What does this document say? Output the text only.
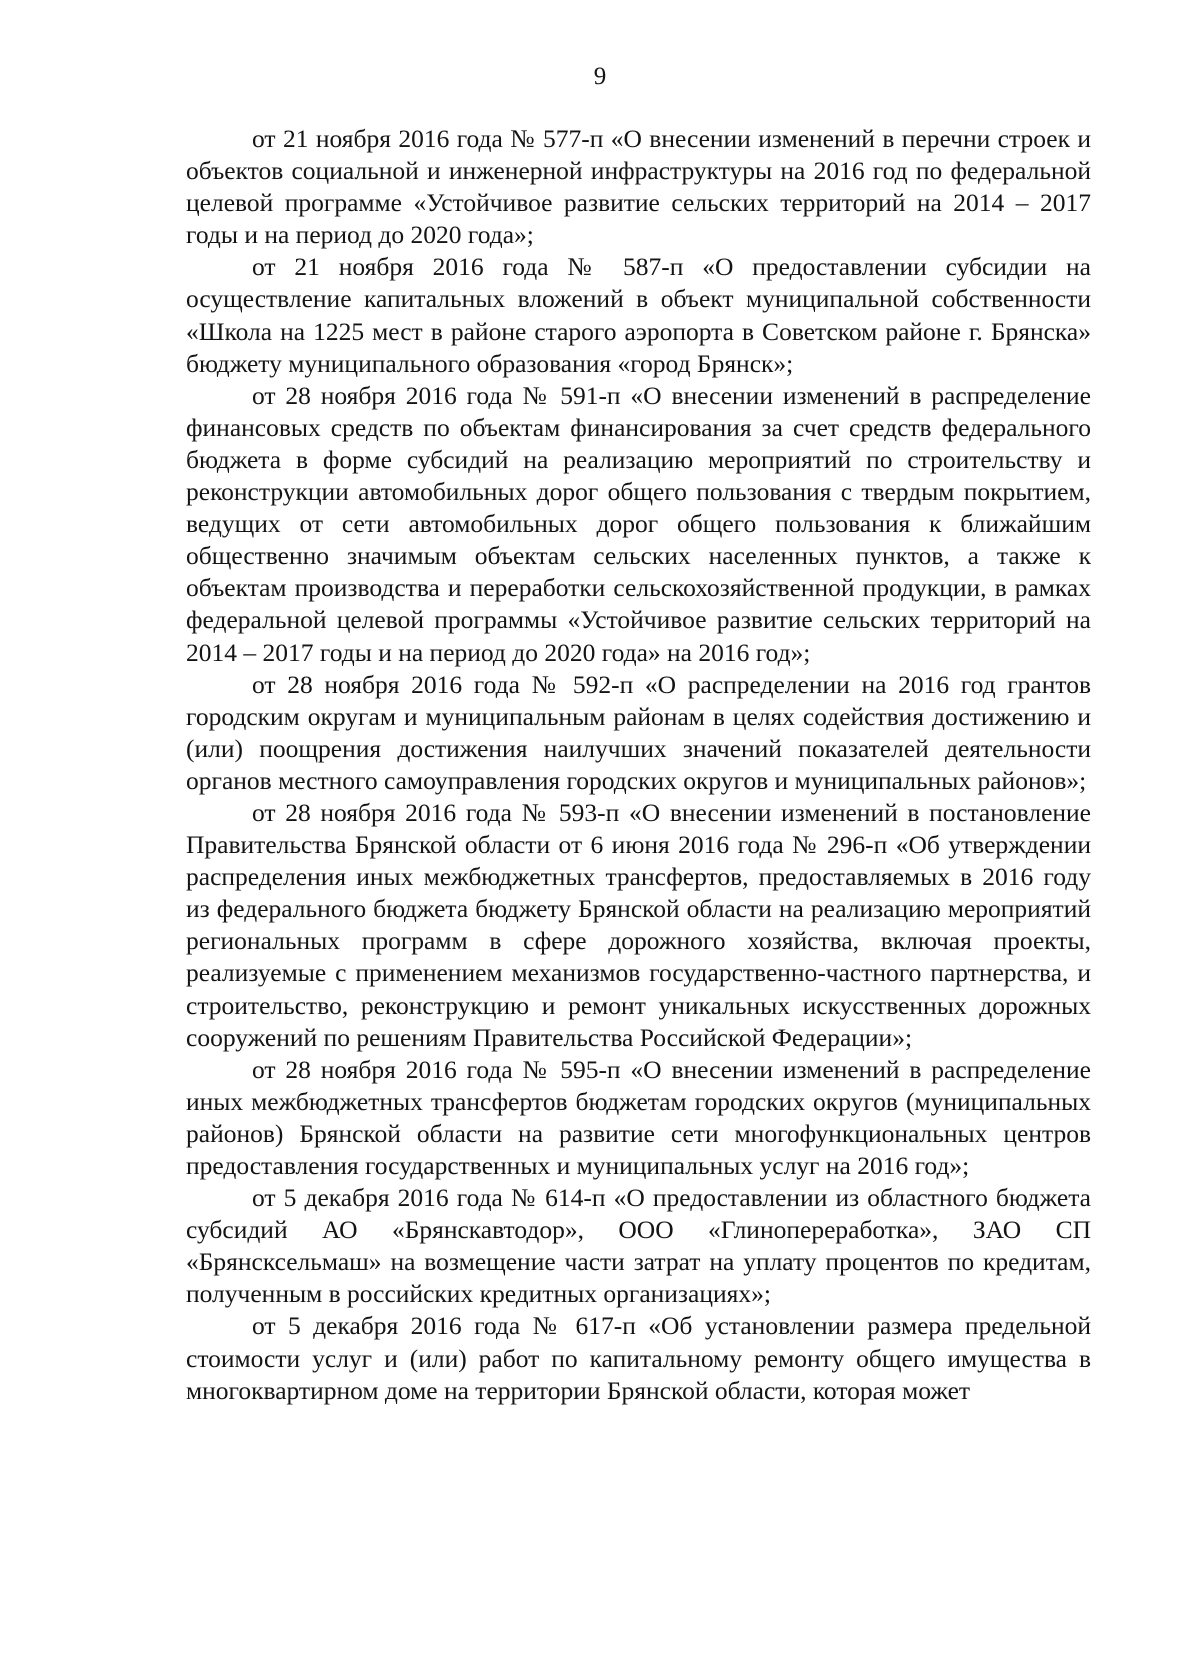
9

от 21 ноября 2016 года № 577-п «О внесении изменений в перечни строек и объектов социальной и инженерной инфраструктуры на 2016 год по федеральной целевой программе «Устойчивое развитие сельских территорий на 2014 – 2017 годы и на период до 2020 года»;

от 21 ноября 2016 года № 587-п «О предоставлении субсидии на осуществление капитальных вложений в объект муниципальной собственности «Школа на 1225 мест в районе старого аэропорта в Советском районе г. Брянска» бюджету муниципального образования «город Брянск»;

от 28 ноября 2016 года № 591-п «О внесении изменений в распределение финансовых средств по объектам финансирования за счет средств федерального бюджета в форме субсидий на реализацию мероприятий по строительству и реконструкции автомобильных дорог общего пользования с твердым покрытием, ведущих от сети автомобильных дорог общего пользования к ближайшим общественно значимым объектам сельских населенных пунктов, а также к объектам производства и переработки сельскохозяйственной продукции, в рамках федеральной целевой программы «Устойчивое развитие сельских территорий на 2014 – 2017 годы и на период до 2020 года» на 2016 год»;

от 28 ноября 2016 года № 592-п «О распределении на 2016 год грантов городским округам и муниципальным районам в целях содействия достижению и (или) поощрения достижения наилучших значений показателей деятельности органов местного самоуправления городских округов и муниципальных районов»;

от 28 ноября 2016 года № 593-п «О внесении изменений в постановление Правительства Брянской области от 6 июня 2016 года № 296-п «Об утверждении распределения иных межбюджетных трансфертов, предоставляемых в 2016 году из федерального бюджета бюджету Брянской области на реализацию мероприятий региональных программ в сфере дорожного хозяйства, включая проекты, реализуемые с применением механизмов государственно-частного партнерства, и строительство, реконструкцию и ремонт уникальных искусственных дорожных сооружений по решениям Правительства Российской Федерации»;

от 28 ноября 2016 года № 595-п «О внесении изменений в распределение иных межбюджетных трансфертов бюджетам городских округов (муниципальных районов) Брянской области на развитие сети многофункциональных центров предоставления государственных и муниципальных услуг на 2016 год»;

от 5 декабря 2016 года № 614-п «О предоставлении из областного бюджета субсидий АО «Брянскавтодор», ООО «Глинопереработка», ЗАО СП «Брянсксельмаш» на возмещение части затрат на уплату процентов по кредитам, полученным в российских кредитных организациях»;

от 5 декабря 2016 года № 617-п «Об установлении размера предельной стоимости услуг и (или) работ по капитальному ремонту общего имущества в многоквартирном доме на территории Брянской области, которая может
